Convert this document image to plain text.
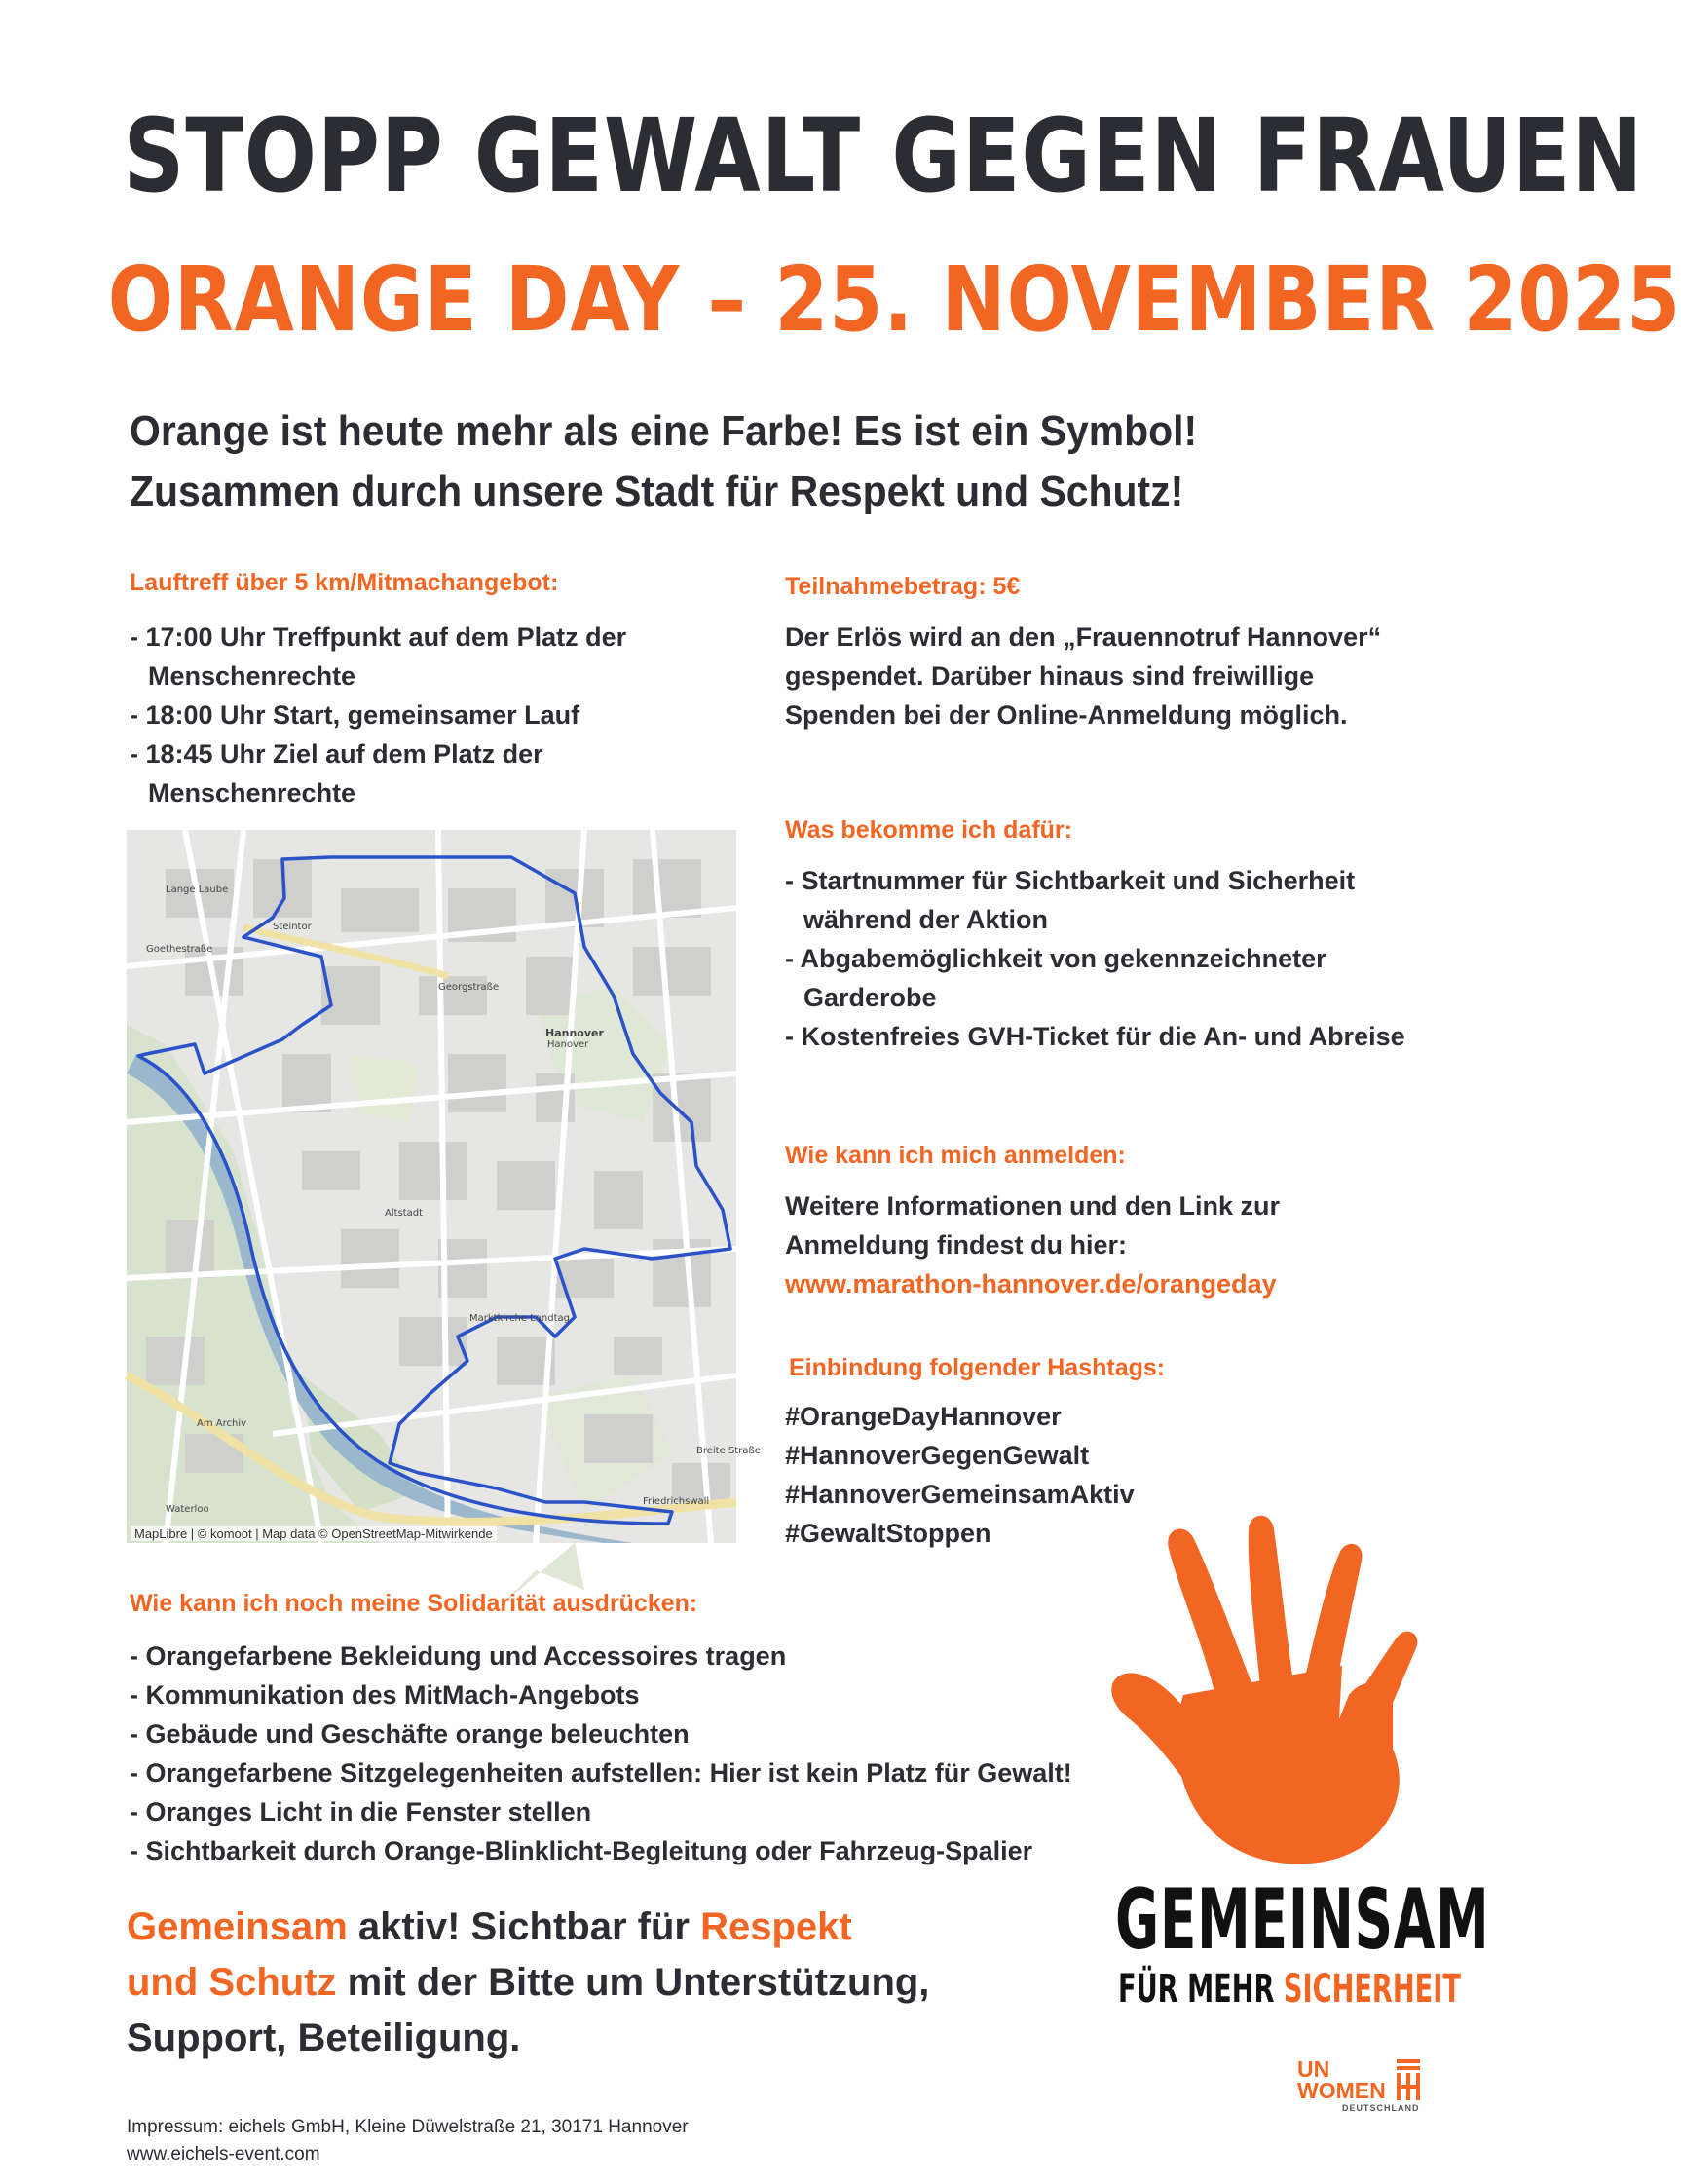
STOPP GEWALT GEGEN FRAUEN
ORANGE DAY – 25. NOVEMBER 2025
Orange ist heute mehr als eine Farbe! Es ist ein Symbol!
Zusammen durch unsere Stadt für Respekt und Schutz!
Lauftreff über 5 km/Mitmachangebot:
- 17:00 Uhr Treffpunkt auf dem Platz der Menschenrechte
- 18:00 Uhr Start, gemeinsamer Lauf
- 18:45 Uhr Ziel auf dem Platz der Menschenrechte
Hannover
Hanover
Altstadt
Marktkirche Landtag
Am Archiv
Waterloo
Lange Laube
Goethestraße
Georgstraße
Steintor
Friedrichswall
Breite Straße
MapLibre | © komoot | Map data © OpenStreetMap-Mitwirkende
Teilnahmebetrag: 5€
Der Erlös wird an den „Frauennotruf Hannover“ gespendet. Darüber hinaus sind freiwillige Spenden bei der Online-Anmeldung möglich.
Was bekomme ich dafür:
- Startnummer für Sichtbarkeit und Sicherheit während der Aktion
- Abgabemöglichkeit von gekennzeichneter Garderobe
- Kostenfreies GVH-Ticket für die An- und Abreise
Wie kann ich mich anmelden:
Weitere Informationen und den Link zur Anmeldung findest du hier:
www.marathon-hannover.de/orangeday
Einbindung folgender Hashtags:
#OrangeDayHannover
#HannoverGegenGewalt
#HannoverGemeinsamAktiv
#GewaltStoppen
Wie kann ich noch meine Solidarität ausdrücken:
- Orangefarbene Bekleidung und Accessoires tragen
- Kommunikation des MitMach-Angebots
- Gebäude und Geschäfte orange beleuchten
- Orangefarbene Sitzgelegenheiten aufstellen: Hier ist kein Platz für Gewalt!
- Oranges Licht in die Fenster stellen
- Sichtbarkeit durch Orange-Blinklicht-Begleitung oder Fahrzeug-Spalier
Gemeinsam aktiv! Sichtbar für Respekt
und Schutz mit der Bitte um Unterstützung,
Support, Beteiligung.
Impressum: eichels GmbH, Kleine Düwelstraße 21, 30171 Hannover
www.eichels-event.com
GEMEINSAM
FÜR MEHR SICHERHEIT
UN
WOMEN
DEUTSCHLAND
